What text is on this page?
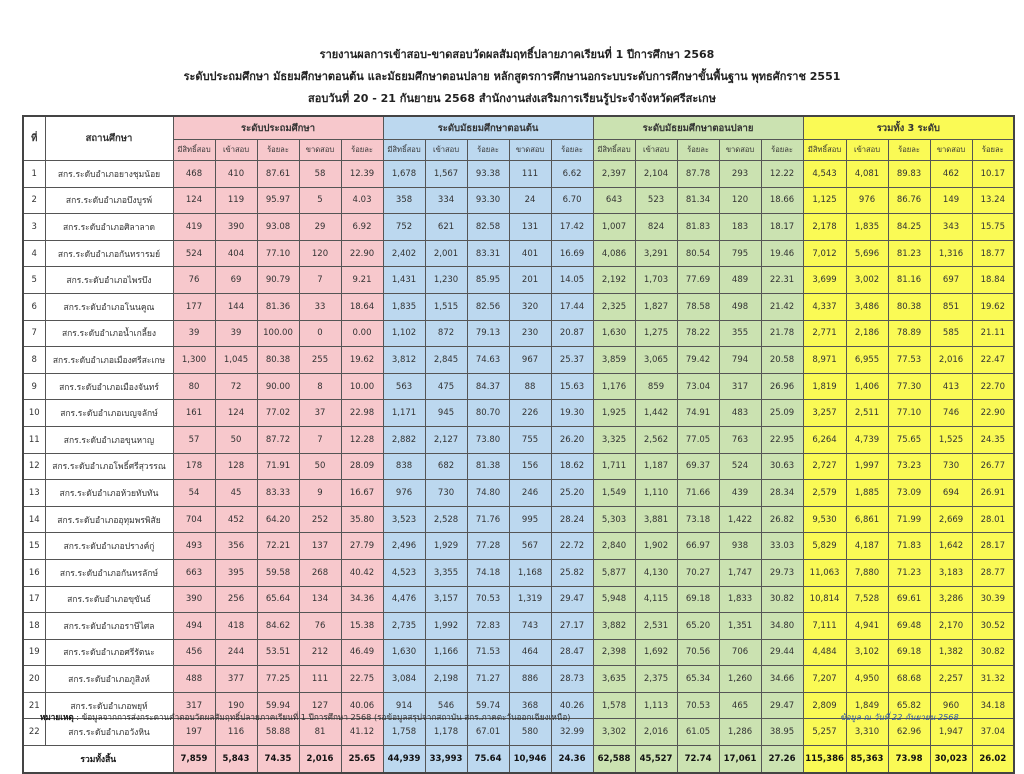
รายงานผลการเข้าสอบ-ขาดสอบวัดผลสัมฤทธิ์ปลายภาคเรียนที่ 1 ปีการศึกษา 2568
ระดับประถมศึกษา มัธยมศึกษาตอนต้น และมัธยมศึกษาตอนปลาย หลักสูตรการศึกษานอกระบบระดับการศึกษาขั้นพื้นฐาน พุทธศักราช 2551
สอบวันที่ 20 - 21 กันยายน 2568 สำนักงานส่งเสริมการเรียนรู้ประจำจังหวัดศรีสะเกษ
ที่	สถานศึกษา	ระดับประถมศึกษา					ระดับมัธยมศึกษาตอนต้น					ระดับมัธยมศึกษาตอนปลาย					รวมทั้ง 3 ระดับ				
		มีสิทธิ์สอบ	เข้าสอบ	ร้อยละ	ขาดสอบ	ร้อยละ	มีสิทธิ์สอบ	เข้าสอบ	ร้อยละ	ขาดสอบ	ร้อยละ	มีสิทธิ์สอบ	เข้าสอบ	ร้อยละ	ขาดสอบ	ร้อยละ	มีสิทธิ์สอบ	เข้าสอบ	ร้อยละ	ขาดสอบ	ร้อยละ
1	สกร.ระดับอำเภอยางชุมน้อย	468	410	87.61	58	12.39	1,678	1,567	93.38	111	6.62	2,397	2,104	87.78	293	12.22	4,543	4,081	89.83	462	10.17
2	สกร.ระดับอำเภอบึงบูรพ์	124	119	95.97	5	4.03	358	334	93.30	24	6.70	643	523	81.34	120	18.66	1,125	976	86.76	149	13.24
3	สกร.ระดับอำเภอศิลาลาด	419	390	93.08	29	6.92	752	621	82.58	131	17.42	1,007	824	81.83	183	18.17	2,178	1,835	84.25	343	15.75
4	สกร.ระดับอำเภอกันทรารมย์	524	404	77.10	120	22.90	2,402	2,001	83.31	401	16.69	4,086	3,291	80.54	795	19.46	7,012	5,696	81.23	1,316	18.77
5	สกร.ระดับอำเภอไพรบึง	76	69	90.79	7	9.21	1,431	1,230	85.95	201	14.05	2,192	1,703	77.69	489	22.31	3,699	3,002	81.16	697	18.84
6	สกร.ระดับอำเภอโนนคูณ	177	144	81.36	33	18.64	1,835	1,515	82.56	320	17.44	2,325	1,827	78.58	498	21.42	4,337	3,486	80.38	851	19.62
7	สกร.ระดับอำเภอน้ำเกลี้ยง	39	39	100.00	0	0.00	1,102	872	79.13	230	20.87	1,630	1,275	78.22	355	21.78	2,771	2,186	78.89	585	21.11
8	สกร.ระดับอำเภอเมืองศรีสะเกษ	1,300	1,045	80.38	255	19.62	3,812	2,845	74.63	967	25.37	3,859	3,065	79.42	794	20.58	8,971	6,955	77.53	2,016	22.47
9	สกร.ระดับอำเภอเมืองจันทร์	80	72	90.00	8	10.00	563	475	84.37	88	15.63	1,176	859	73.04	317	26.96	1,819	1,406	77.30	413	22.70
10	สกร.ระดับอำเภอเบญจลักษ์	161	124	77.02	37	22.98	1,171	945	80.70	226	19.30	1,925	1,442	74.91	483	25.09	3,257	2,511	77.10	746	22.90
11	สกร.ระดับอำเภอขุนหาญ	57	50	87.72	7	12.28	2,882	2,127	73.80	755	26.20	3,325	2,562	77.05	763	22.95	6,264	4,739	75.65	1,525	24.35
12	สกร.ระดับอำเภอโพธิ์ศรีสุวรรณ	178	128	71.91	50	28.09	838	682	81.38	156	18.62	1,711	1,187	69.37	524	30.63	2,727	1,997	73.23	730	26.77
13	สกร.ระดับอำเภอห้วยทับทัน	54	45	83.33	9	16.67	976	730	74.80	246	25.20	1,549	1,110	71.66	439	28.34	2,579	1,885	73.09	694	26.91
14	สกร.ระดับอำเภออุทุมพรพิสัย	704	452	64.20	252	35.80	3,523	2,528	71.76	995	28.24	5,303	3,881	73.18	1,422	26.82	9,530	6,861	71.99	2,669	28.01
15	สกร.ระดับอำเภอปรางค์กู่	493	356	72.21	137	27.79	2,496	1,929	77.28	567	22.72	2,840	1,902	66.97	938	33.03	5,829	4,187	71.83	1,642	28.17
16	สกร.ระดับอำเภอกันทรลักษ์	663	395	59.58	268	40.42	4,523	3,355	74.18	1,168	25.82	5,877	4,130	70.27	1,747	29.73	11,063	7,880	71.23	3,183	28.77
17	สกร.ระดับอำเภอขุขันธ์	390	256	65.64	134	34.36	4,476	3,157	70.53	1,319	29.47	5,948	4,115	69.18	1,833	30.82	10,814	7,528	69.61	3,286	30.39
18	สกร.ระดับอำเภอราษีไศล	494	418	84.62	76	15.38	2,735	1,992	72.83	743	27.17	3,882	2,531	65.20	1,351	34.80	7,111	4,941	69.48	2,170	30.52
19	สกร.ระดับอำเภอศรีรัตนะ	456	244	53.51	212	46.49	1,630	1,166	71.53	464	28.47	2,398	1,692	70.56	706	29.44	4,484	3,102	69.18	1,382	30.82
20	สกร.ระดับอำเภอภูสิงห์	488	377	77.25	111	22.75	3,084	2,198	71.27	886	28.73	3,635	2,375	65.34	1,260	34.66	7,207	4,950	68.68	2,257	31.32
21	สกร.ระดับอำเภอพยุห์	317	190	59.94	127	40.06	914	546	59.74	368	40.26	1,578	1,113	70.53	465	29.47	2,809	1,849	65.82	960	34.18
22	สกร.ระดับอำเภอวังหิน	197	116	58.88	81	41.12	1,758	1,178	67.01	580	32.99	3,302	2,016	61.05	1,286	38.95	5,257	3,310	62.96	1,947	37.04
รวมทั้งสิ้น		7,859	5,843	74.35	2,016	25.65	44,939	33,993	75.64	10,946	24.36	62,588	45,527	72.74	17,061	27.26	115,386	85,363	73.98	30,023	26.02
หมายเหตุ : ข้อมูลจากการส่งกระดานคำตอบวัดผลสัมฤทธิ์ปลายภาคเรียนที่ 1 ปีการศึกษา 2568 (รอข้อมูลสรุปจากสถาบัน สกร.ภาคตะวันออกเฉียงเหนือ)	ข้อมูล ณ วันที่ 22 กันยายน 2568
